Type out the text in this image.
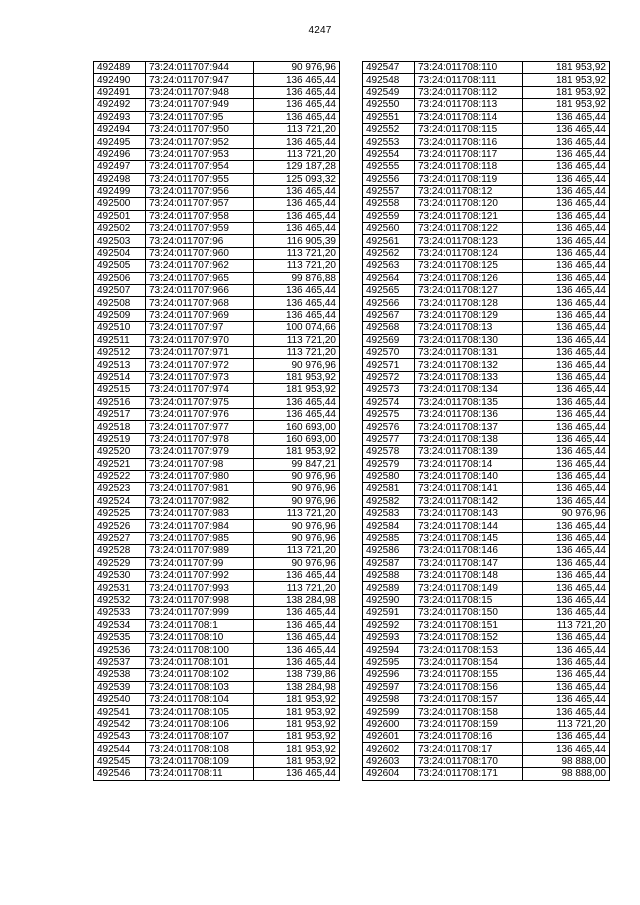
4247
492489	73:24:011707:944	90 976,96
492490	73:24:011707:947	136 465,44
492491	73:24:011707:948	136 465,44
492492	73:24:011707:949	136 465,44
492493	73:24:011707:95	136 465,44
492494	73:24:011707:950	113 721,20
492495	73:24:011707:952	136 465,44
492496	73:24:011707:953	113 721,20
492497	73:24:011707:954	129 187,28
492498	73:24:011707:955	125 093,32
492499	73:24:011707:956	136 465,44
492500	73:24:011707:957	136 465,44
492501	73:24:011707:958	136 465,44
492502	73:24:011707:959	136 465,44
492503	73:24:011707:96	116 905,39
492504	73:24:011707:960	113 721,20
492505	73:24:011707:962	113 721,20
492506	73:24:011707:965	99 876,88
492507	73:24:011707:966	136 465,44
492508	73:24:011707:968	136 465,44
492509	73:24:011707:969	136 465,44
492510	73:24:011707:97	100 074,66
492511	73:24:011707:970	113 721,20
492512	73:24:011707:971	113 721,20
492513	73:24:011707:972	90 976,96
492514	73:24:011707:973	181 953,92
492515	73:24:011707:974	181 953,92
492516	73:24:011707:975	136 465,44
492517	73:24:011707:976	136 465,44
492518	73:24:011707:977	160 693,00
492519	73:24:011707:978	160 693,00
492520	73:24:011707:979	181 953,92
492521	73:24:011707:98	99 847,21
492522	73:24:011707:980	90 976,96
492523	73:24:011707:981	90 976,96
492524	73:24:011707:982	90 976,96
492525	73:24:011707:983	113 721,20
492526	73:24:011707:984	90 976,96
492527	73:24:011707:985	90 976,96
492528	73:24:011707:989	113 721,20
492529	73:24:011707:99	90 976,96
492530	73:24:011707:992	136 465,44
492531	73:24:011707:993	113 721,20
492532	73:24:011707:998	138 284,98
492533	73:24:011707:999	136 465,44
492534	73:24:011708:1	136 465,44
492535	73:24:011708:10	136 465,44
492536	73:24:011708:100	136 465,44
492537	73:24:011708:101	136 465,44
492538	73:24:011708:102	138 739,86
492539	73:24:011708:103	138 284,98
492540	73:24:011708:104	181 953,92
492541	73:24:011708:105	181 953,92
492542	73:24:011708:106	181 953,92
492543	73:24:011708:107	181 953,92
492544	73:24:011708:108	181 953,92
492545	73:24:011708:109	181 953,92
492546	73:24:011708:11	136 465,44
492547	73:24:011708:110	181 953,92
492548	73:24:011708:111	181 953,92
492549	73:24:011708:112	181 953,92
492550	73:24:011708:113	181 953,92
492551	73:24:011708:114	136 465,44
492552	73:24:011708:115	136 465,44
492553	73:24:011708:116	136 465,44
492554	73:24:011708:117	136 465,44
492555	73:24:011708:118	136 465,44
492556	73:24:011708:119	136 465,44
492557	73:24:011708:12	136 465,44
492558	73:24:011708:120	136 465,44
492559	73:24:011708:121	136 465,44
492560	73:24:011708:122	136 465,44
492561	73:24:011708:123	136 465,44
492562	73:24:011708:124	136 465,44
492563	73:24:011708:125	136 465,44
492564	73:24:011708:126	136 465,44
492565	73:24:011708:127	136 465,44
492566	73:24:011708:128	136 465,44
492567	73:24:011708:129	136 465,44
492568	73:24:011708:13	136 465,44
492569	73:24:011708:130	136 465,44
492570	73:24:011708:131	136 465,44
492571	73:24:011708:132	136 465,44
492572	73:24:011708:133	136 465,44
492573	73:24:011708:134	136 465,44
492574	73:24:011708:135	136 465,44
492575	73:24:011708:136	136 465,44
492576	73:24:011708:137	136 465,44
492577	73:24:011708:138	136 465,44
492578	73:24:011708:139	136 465,44
492579	73:24:011708:14	136 465,44
492580	73:24:011708:140	136 465,44
492581	73:24:011708:141	136 465,44
492582	73:24:011708:142	136 465,44
492583	73:24:011708:143	90 976,96
492584	73:24:011708:144	136 465,44
492585	73:24:011708:145	136 465,44
492586	73:24:011708:146	136 465,44
492587	73:24:011708:147	136 465,44
492588	73:24:011708:148	136 465,44
492589	73:24:011708:149	136 465,44
492590	73:24:011708:15	136 465,44
492591	73:24:011708:150	136 465,44
492592	73:24:011708:151	113 721,20
492593	73:24:011708:152	136 465,44
492594	73:24:011708:153	136 465,44
492595	73:24:011708:154	136 465,44
492596	73:24:011708:155	136 465,44
492597	73:24:011708:156	136 465,44
492598	73:24:011708:157	136 465,44
492599	73:24:011708:158	136 465,44
492600	73:24:011708:159	113 721,20
492601	73:24:011708:16	136 465,44
492602	73:24:011708:17	136 465,44
492603	73:24:011708:170	98 888,00
492604	73:24:011708:171	98 888,00
